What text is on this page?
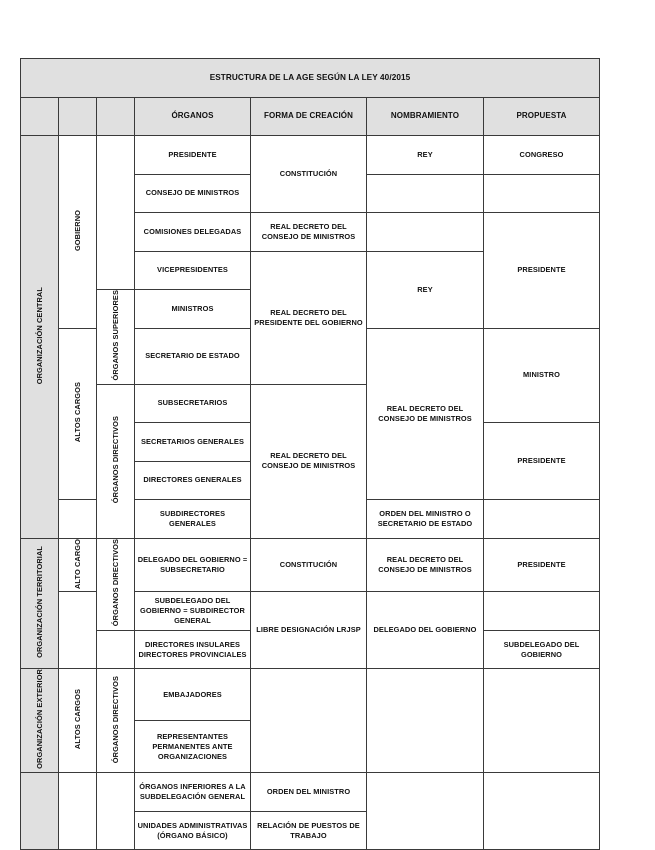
ESTRUCTURA DE LA AGE SEGÚN LA LEY 40/2015						
			ÓRGANOS	FORMA DE CREACIÓN	NOMBRAMIENTO	PROPUESTA
ORGANIZACIÓN CENTRAL	GOBIERNO		PRESIDENTE	CONSTITUCIÓN	REY	CONGRESO
			CONSEJO DE MINISTROS			
			COMISIONES DELEGADAS	REAL DECRETO DEL CONSEJO DE MINISTROS		PRESIDENTE
			VICEPRESIDENTES	REAL DECRETO DEL PRESIDENTE DEL GOBIERNO	REY	
		ÓRGANOS SUPERIORES	MINISTROS			
	ALTOS CARGOS		SECRETARIO DE ESTADO		REAL DECRETO DEL CONSEJO DE MINISTROS	MINISTRO
		ÓRGANOS DIRECTIVOS	SUBSECRETARIOS	REAL DECRETO DEL CONSEJO DE MINISTROS		
			SECRETARIOS GENERALES			PRESIDENTE
			DIRECTORES GENERALES			
			SUBDIRECTORES GENERALES		ORDEN DEL MINISTRO O SECRETARIO DE ESTADO	
ORGANIZACIÓN TERRITORIAL	ALTO CARGO	ÓRGANOS DIRECTIVOS	DELEGADO DEL GOBIERNO = SUBSECRETARIO	CONSTITUCIÓN	REAL DECRETO DEL CONSEJO DE MINISTROS	PRESIDENTE
			SUBDELEGADO DEL GOBIERNO = SUBDIRECTOR GENERAL	LIBRE DESIGNACIÓN LRJSP	DELEGADO DEL GOBIERNO	
			DIRECTORES INSULARES DIRECTORES PROVINCIALES			SUBDELEGADO DEL GOBIERNO
ORGANIZACIÓN EXTERIOR	ALTOS CARGOS	ÓRGANOS DIRECTIVOS	EMBAJADORES			
			REPRESENTANTES PERMANENTES ANTE ORGANIZACIONES			
			ÓRGANOS INFERIORES A LA SUBDELEGACIÓN GENERAL	ORDEN DEL MINISTRO		
			UNIDADES ADMINISTRATIVAS (ÓRGANO BÁSICO)	RELACIÓN DE PUESTOS DE TRABAJO		
